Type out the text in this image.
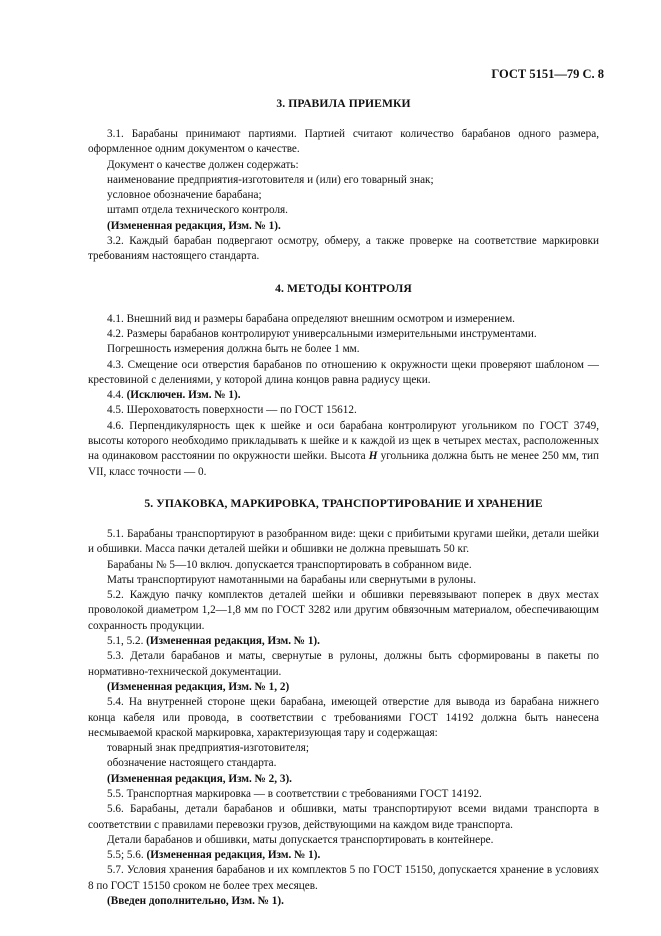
ГОСТ 5151—79 С. 8
3. ПРАВИЛА ПРИЕМКИ

3.1. Барабаны принимают партиями. Партией считают количество барабанов одного размера, оформленное одним документом о качестве.

Документ о качестве должен содержать:

наименование предприятия-изготовителя и (или) его товарный знак;

условное обозначение барабана;

штамп отдела технического контроля.

(Измененная редакция, Изм. № 1).

3.2. Каждый барабан подвергают осмотру, обмеру, а также проверке на соответствие маркировки требованиям настоящего стандарта.

4. МЕТОДЫ КОНТРОЛЯ

4.1. Внешний вид и размеры барабана определяют внешним осмотром и измерением.

4.2. Размеры барабанов контролируют универсальными измерительными инструментами.

Погрешность измерения должна быть не более 1 мм.

4.3. Смещение оси отверстия барабанов по отношению к окружности щеки проверяют шаблоном — крестовиной с делениями, у которой длина концов равна радиусу щеки.

4.4. (Исключен. Изм. № 1).

4.5. Шероховатость поверхности — по ГОСТ 15612.

4.6. Перпендикулярность щек к шейке и оси барабана контролируют угольником по ГОСТ 3749, высоты которого необходимо прикладывать к шейке и к каждой из щек в четырех местах, расположенных на одинаковом расстоянии по окружности шейки. Высота Н угольника должна быть не менее 250 мм, тип VII, класс точности — 0.

5. УПАКОВКА, МАРКИРОВКА, ТРАНСПОРТИРОВАНИЕ И ХРАНЕНИЕ

5.1. Барабаны транспортируют в разобранном виде: щеки с прибитыми кругами шейки, детали шейки и обшивки. Масса пачки деталей шейки и обшивки не должна превышать 50 кг.

Барабаны № 5—10 включ. допускается транспортировать в собранном виде.

Маты транспортируют намотанными на барабаны или свернутыми в рулоны.

5.2. Каждую пачку комплектов деталей шейки и обшивки перевязывают поперек в двух местах проволокой диаметром 1,2—1,8 мм по ГОСТ 3282 или другим обвязочным материалом, обеспечивающим сохранность продукции.

5.1, 5.2. (Измененная редакция, Изм. № 1).

5.3. Детали барабанов и маты, свернутые в рулоны, должны быть сформированы в пакеты по нормативно-технической документации.

(Измененная редакция, Изм. № 1, 2)

5.4. На внутренней стороне щеки барабана, имеющей отверстие для вывода из барабана нижнего конца кабеля или провода, в соответствии с требованиями ГОСТ 14192 должна быть нанесена несмываемой краской маркировка, характеризующая тару и содержащая:

товарный знак предприятия-изготовителя;

обозначение настоящего стандарта.

(Измененная редакция, Изм. № 2, 3).

5.5. Транспортная маркировка — в соответствии с требованиями ГОСТ 14192.

5.6. Барабаны, детали барабанов и обшивки, маты транспортируют всеми видами транспорта в соответствии с правилами перевозки грузов, действующими на каждом виде транспорта.

Детали барабанов и обшивки, маты допускается транспортировать в контейнере.

5.5; 5.6. (Измененная редакция, Изм. № 1).

5.7. Условия хранения барабанов и их комплектов 5 по ГОСТ 15150, допускается хранение в условиях 8 по ГОСТ 15150 сроком не более трех месяцев.

(Введен дополнительно, Изм. № 1).
